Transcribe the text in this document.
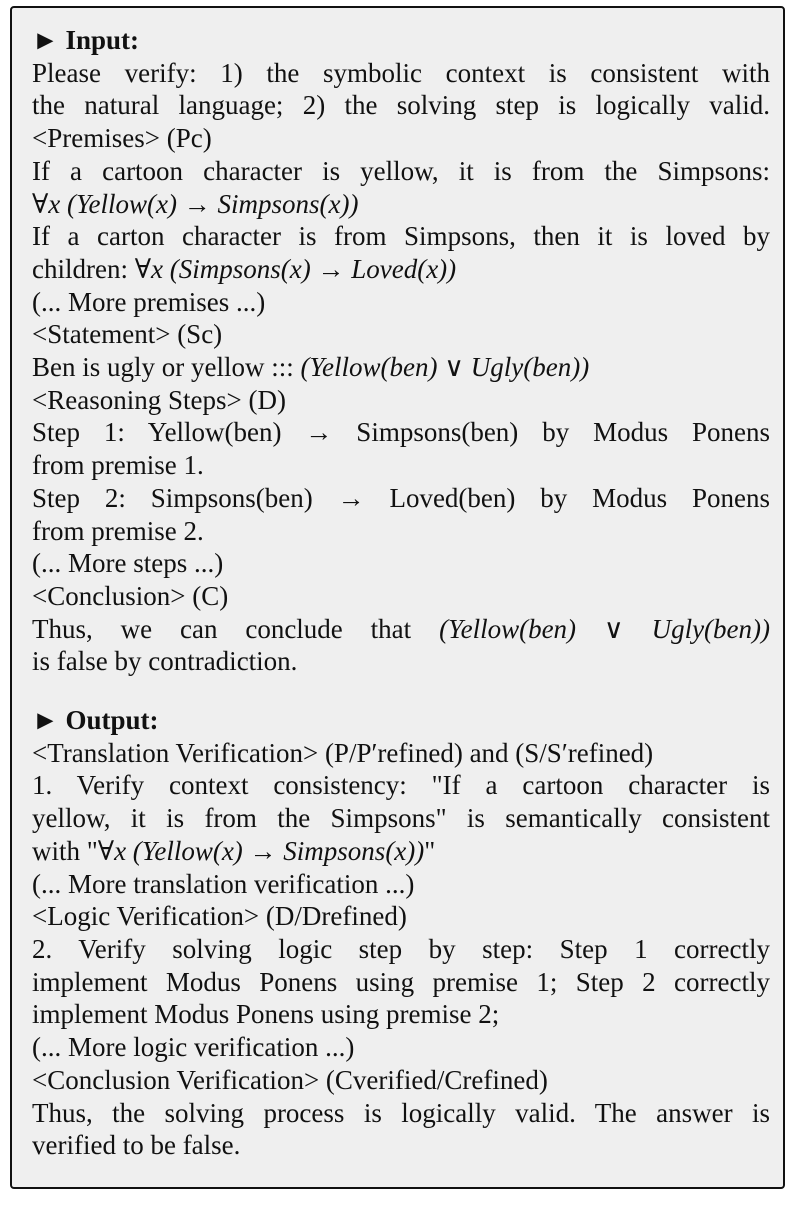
► Input:
Please verify: 1) the symbolic context is consistent with
the natural language; 2) the solving step is logically valid.
<Premises> (Pc)
If a cartoon character is yellow, it is from the Simpsons:
∀x (Yellow(x) → Simpsons(x))
If a carton character is from Simpsons, then it is loved by
children: ∀x (Simpsons(x) → Loved(x))
(... More premises ...)
<Statement> (Sc)
Ben is ugly or yellow ::: (Yellow(ben) ∨ Ugly(ben))
<Reasoning Steps> (D)
Step 1: Yellow(ben) → Simpsons(ben) by Modus Ponens
from premise 1.
Step 2: Simpsons(ben) → Loved(ben) by Modus Ponens
from premise 2.
(... More steps ...)
<Conclusion> (C)
Thus, we can conclude that (Yellow(ben) ∨ Ugly(ben))
is false by contradiction.
► Output:
<Translation Verification> (P/P′refined) and (S/S′refined)
1. Verify context consistency: "If a cartoon character is
yellow, it is from the Simpsons" is semantically consistent
with "∀x (Yellow(x) → Simpsons(x))"
(... More translation verification ...)
<Logic Verification> (D/Drefined)
2. Verify solving logic step by step: Step 1 correctly
implement Modus Ponens using premise 1; Step 2 correctly
implement Modus Ponens using premise 2;
(... More logic verification ...)
<Conclusion Verification> (Cverified/Crefined)
Thus, the solving process is logically valid. The answer is
verified to be false.
